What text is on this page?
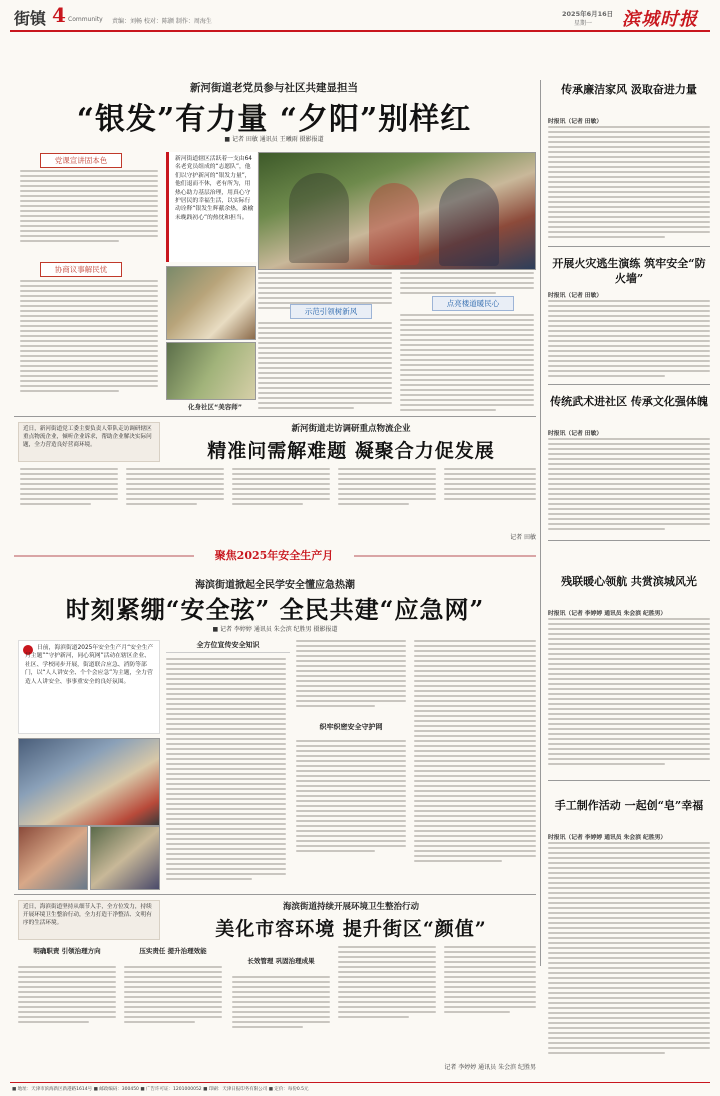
街镇 4 Community 责编：刘畅 校对：陈颢 制作：周海生
2025年6月16日
星期一 滨城时报
新河街道老党员参与社区共建显担当
“银发”有力量 “夕阳”别样红
■ 记者 田敏 通讯员 王曦雨 摄影报道
党课宣讲固本色
协商议事解民忧
新河街道辖区活跃着一支由64名老党员组成的“志愿队”，他们以守护新河的“银发力量”，他们退而不休，老有所为，用热心助力基层治理，用真心守护居民的幸福生活，以实际行动诠释“银发生辉献余热，桑榆未晚践初心”的热忱和担当。
化身社区“美容师”
示范引领树新风
点亮楼道暖民心
近日，新河街道党工委主要负责人带队走访调研辖区重点物流企业，倾听企业诉求，帮助企业解决实际问题，全力营造良好营商环境。
新河街道走访调研重点物流企业
精准问需解难题 凝聚合力促发展
记者 田敏
聚焦2025年安全生产月
海滨街道掀起全民学安全懂应急热潮
时刻紧绷“安全弦” 全民共建“应急网”
■ 记者 李婷婷 通讯员 朱会滨 纪胜男 摄影报道
日前，海滨街道2025年安全生产月“安全生产月主题”“守护新河，同心筑网”活动在辖区企业、社区、学校同步开展，街道联合应急、消防等部门，以“人人讲安全、个个会应急”为主题，全力营造人人讲安全、事事重安全的良好氛围。
全方位宣传安全知识
织牢织密安全守护网
近日，海滨街道坚持从细节入手，全方位发力，持续开展环境卫生整治行动，全力打造干净整洁、文明有序的生活环境。
海滨街道持续开展环境卫生整治行动
美化市容环境 提升街区“颜值”
明确职责 引领治理方向	压实责任 提升治理效能
长效管理 巩固治理成果
记者 李婷婷 通讯员 朱会滨 纪胜男
传承廉洁家风 汲取奋进力量
时报讯（记者 田敏）
开展火灾逃生演练 筑牢安全“防火墙”
时报讯（记者 田敏）
传统武术进社区 传承文化强体魄
时报讯（记者 田敏）
残联暖心领航 共赏滨城风光
时报讯（记者 李婷婷 通讯员 朱会滨 纪胜男）
手工制作活动 一起创“皂”幸福
时报讯（记者 李婷婷 通讯员 朱会滨 纪胜男）
■ 地址：天津市滨海新区新港路1614号 ■ 邮政编码：300450 ■ 广告许可证：1201000052 ■ 印刷：天津日报印务有限公司 ■ 定价：每份0.5元
